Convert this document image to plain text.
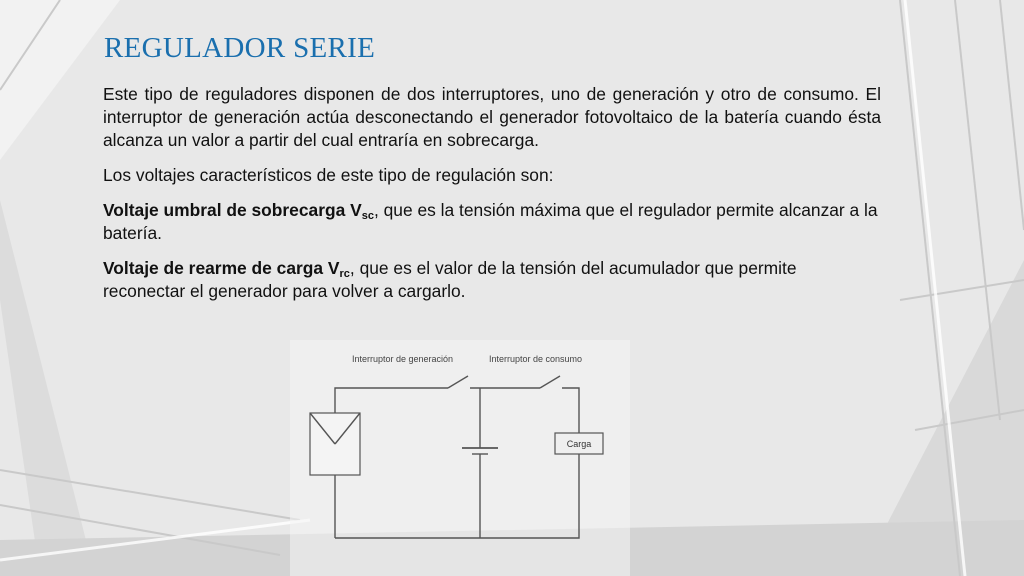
REGULADOR SERIE

Este tipo de reguladores disponen de dos interruptores, uno de generación y otro de consumo. El interruptor de generación actúa desconectando el generador fotovoltaico de la batería cuando ésta alcanza un valor a partir del cual entraría en sobrecarga.

Los voltajes característicos de este tipo de regulación son:

Voltaje umbral de sobrecarga $V_{sc}$, que es la tensión máxima que el regulador permite alcanzar a la batería.

Voltaje de rearme de carga $V_{rc}$, que es el valor de la tensión del acumulador que permite reconectar el generador para volver a cargarlo.

Interruptor de generación	Interruptor de consumo
Carga
